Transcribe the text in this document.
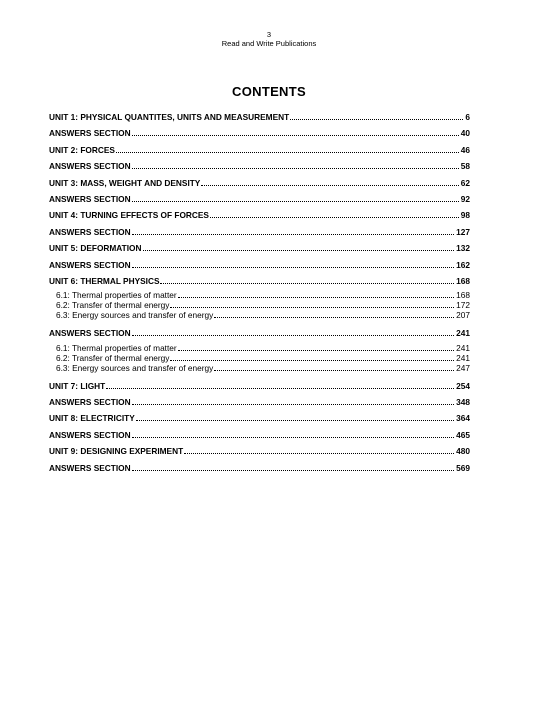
3
Read and Write Publications
CONTENTS
UNIT 1: PHYSICAL QUANTITES, UNITS AND MEASUREMENT	6
ANSWERS SECTION	40
UNIT 2: FORCES	46
ANSWERS SECTION	58
UNIT 3: MASS, WEIGHT AND DENSITY	62
ANSWERS SECTION	92
UNIT 4: TURNING EFFECTS OF FORCES	98
ANSWERS SECTION	127
UNIT 5: DEFORMATION	132
ANSWERS SECTION	162
UNIT 6: THERMAL PHYSICS	168
6.1: Thermal properties of matter	168
6.2: Transfer of thermal energy	172
6.3: Energy sources and transfer of energy	207
ANSWERS SECTION	241
6.1: Thermal properties of matter	241
6.2: Transfer of thermal energy	241
6.3: Energy sources and transfer of energy	247
UNIT 7: LIGHT	254
ANSWERS SECTION	348
UNIT 8: ELECTRICITY	364
ANSWERS SECTION	465
UNIT 9: DESIGNING EXPERIMENT	480
ANSWERS SECTION	569
